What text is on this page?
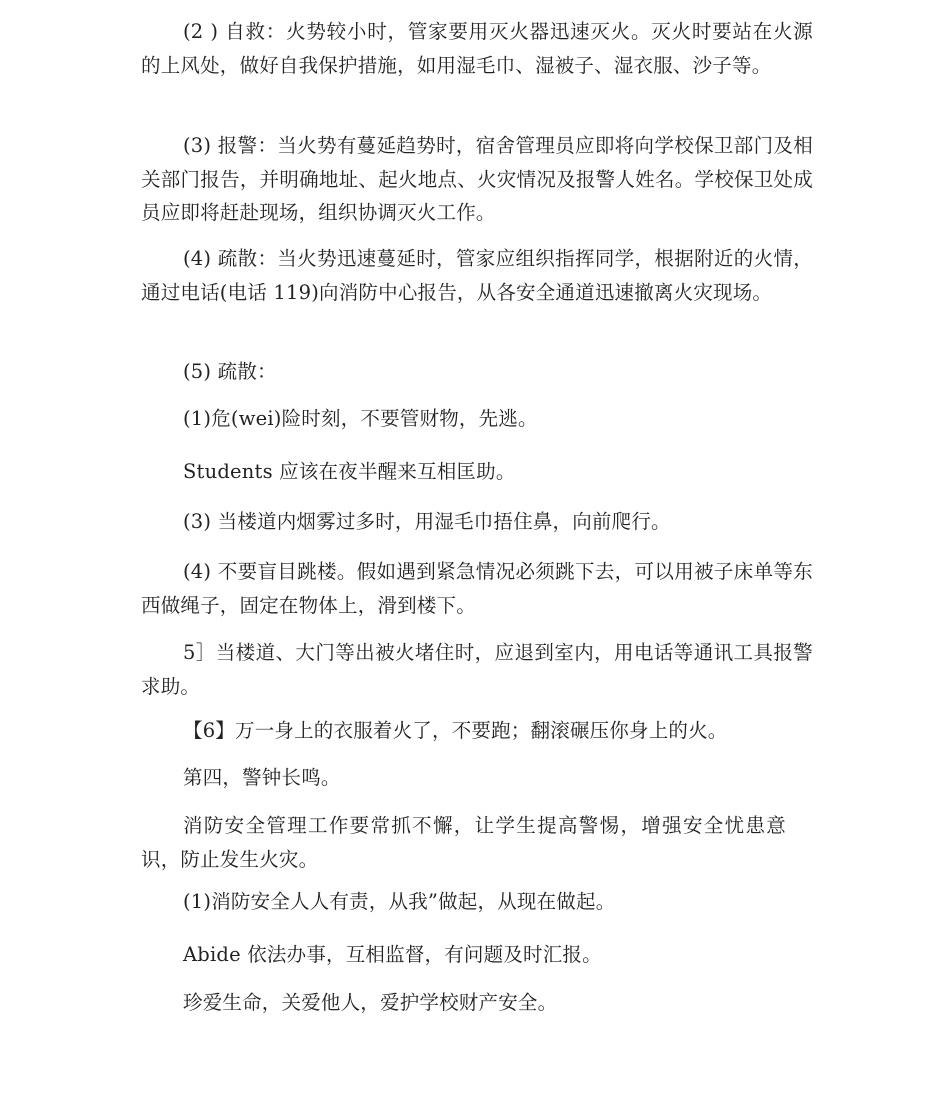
(2 ) 自救：火势较小时，管家要用灭火器迅速灭火。灭火时要站在火源的上风处，做好自我保护措施，如用湿毛巾、湿被子、湿衣服、沙子等。

(3) 报警：当火势有蔓延趋势时，宿舍管理员应即将向学校保卫部门及相关部门报告，并明确地址、起火地点、火灾情况及报警人姓名。学校保卫处成员应即将赶赴现场，组织协调灭火工作。

(4) 疏散：当火势迅速蔓延时，管家应组织指挥同学，根据附近的火情，通过电话(电话 119)向消防中心报告，从各安全通道迅速撤离火灾现场。

(5) 疏散：

(1)危(wei)险时刻，不要管财物，先逃。

Students 应该在夜半醒来互相匡助。

(3) 当楼道内烟雾过多时，用湿毛巾捂住鼻，向前爬行。

(4) 不要盲目跳楼。假如遇到紧急情况必须跳下去，可以用被子床单等东西做绳子，固定在物体上，滑到楼下。

5］当楼道、大门等出被火堵住时，应退到室内，用电话等通讯工具报警求助。

【6】万一身上的衣服着火了，不要跑；翻滚碾压你身上的火。

第四，警钟长鸣。

消防安全管理工作要常抓不懈，让学生提高警惕，增强安全忧患意识，防止发生火灾。

(1)消防安全人人有责，从我”做起，从现在做起。

Abide 依法办事，互相监督，有问题及时汇报。

珍爱生命，关爱他人，爱护学校财产安全。
